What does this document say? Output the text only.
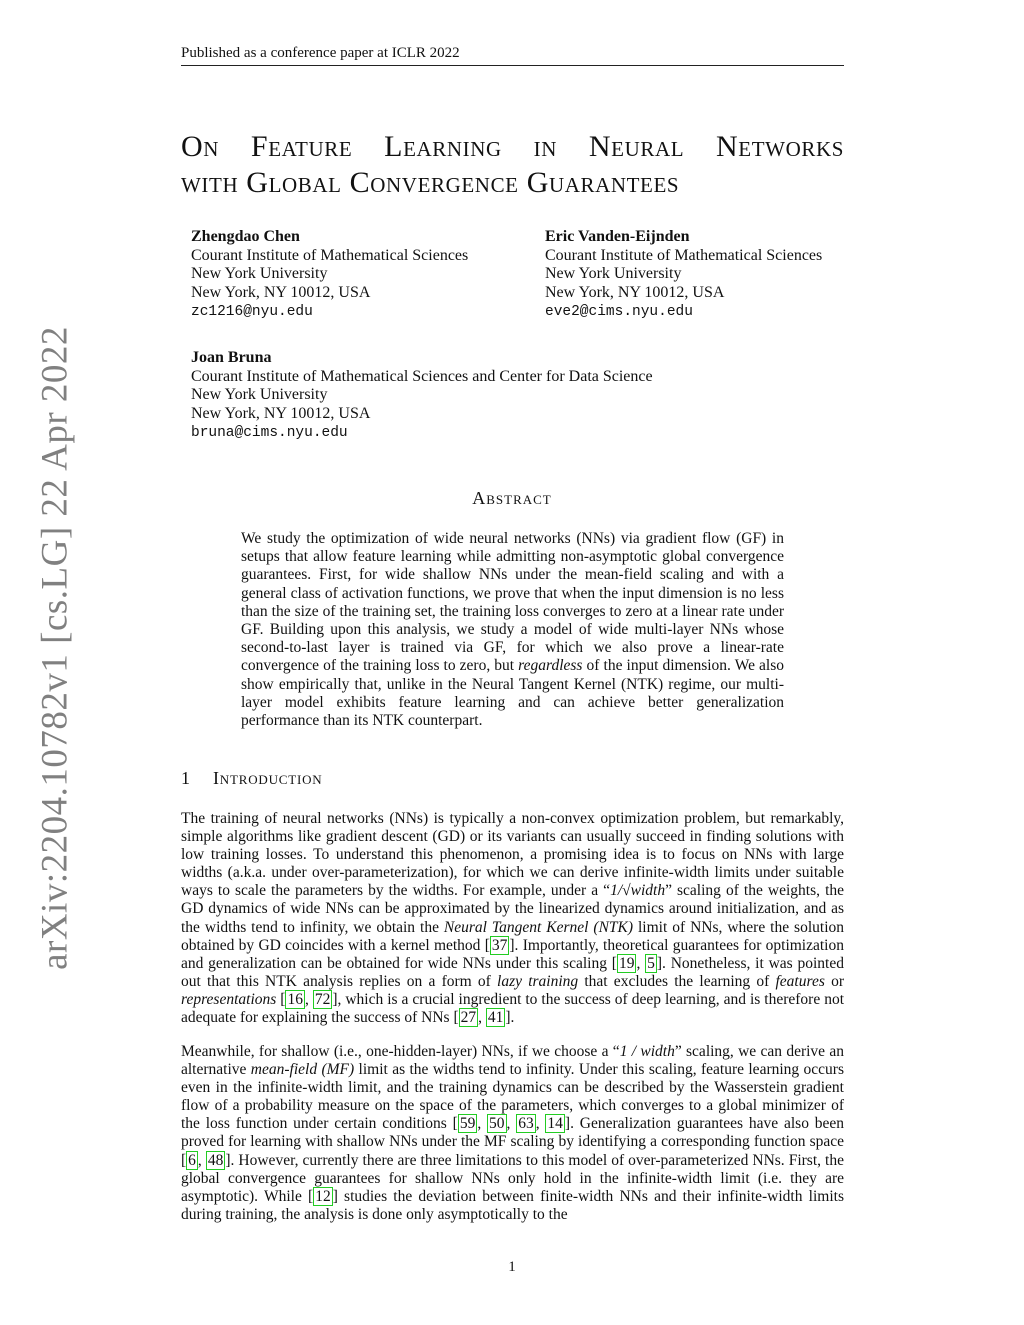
Published as a conference paper at ICLR 2022
arXiv:2204.10782v1 [cs.LG] 22 Apr 2022
On Feature Learning in Neural Networks
with Global Convergence Guarantees
Zhengdao Chen
Courant Institute of Mathematical Sciences
New York University
New York, NY 10012, USA
zc1216@nyu.edu
Eric Vanden-Eijnden
Courant Institute of Mathematical Sciences
New York University
New York, NY 10012, USA
eve2@cims.nyu.edu
Joan Bruna
Courant Institute of Mathematical Sciences and Center for Data Science
New York University
New York, NY 10012, USA
bruna@cims.nyu.edu
Abstract

We study the optimization of wide neural networks (NNs) via gradient flow (GF) in setups that allow feature learning while admitting non-asymptotic global convergence guarantees. First, for wide shallow NNs under the mean-field scaling and with a general class of activation functions, we prove that when the input dimension is no less than the size of the training set, the training loss converges to zero at a linear rate under GF. Building upon this analysis, we study a model of wide multi-layer NNs whose second-to-last layer is trained via GF, for which we also prove a linear-rate convergence of the training loss to zero, but regardless of the input dimension. We also show empirically that, unlike in the Neural Tangent Kernel (NTK) regime, our multi-layer model exhibits feature learning and can achieve better generalization performance than its NTK counterpart.

1 Introduction

The training of neural networks (NNs) is typically a non-convex optimization problem, but remarkably, simple algorithms like gradient descent (GD) or its variants can usually succeed in finding solutions with low training losses. To understand this phenomenon, a promising idea is to focus on NNs with large widths (a.k.a. under over-parameterization), for which we can derive infinite-width limits under suitable ways to scale the parameters by the widths. For example, under a “1/√width” scaling of the weights, the GD dynamics of wide NNs can be approximated by the linearized dynamics around initialization, and as the widths tend to infinity, we obtain the Neural Tangent Kernel (NTK) limit of NNs, where the solution obtained by GD coincides with a kernel method [ 37 ]. Importantly, theoretical guarantees for optimization and generalization can be obtained for wide NNs under this scaling [ 19 , 5 ]. Nonetheless, it was pointed out that this NTK analysis replies on a form of lazy training that excludes the learning of features or representations [ 16 , 72 ], which is a crucial ingredient to the success of deep learning, and is therefore not adequate for explaining the success of NNs [ 27 , 41 ].

Meanwhile, for shallow (i.e., one-hidden-layer) NNs, if we choose a “1 / width” scaling, we can derive an alternative mean-field (MF) limit as the widths tend to infinity. Under this scaling, feature learning occurs even in the infinite-width limit, and the training dynamics can be described by the Wasserstein gradient flow of a probability measure on the space of the parameters, which converges to a global minimizer of the loss function under certain conditions [ 59 , 50 , 63 , 14 ]. Generalization guarantees have also been proved for learning with shallow NNs under the MF scaling by identifying a corresponding function space [ 6 , 48 ]. However, currently there are three limitations to this model of over-parameterized NNs. First, the global convergence guarantees for shallow NNs only hold in the infinite-width limit (i.e. they are asymptotic). While [ 12 ] studies the deviation between finite-width NNs and their infinite-width limits during training, the analysis is done only asymptotically to the

1
